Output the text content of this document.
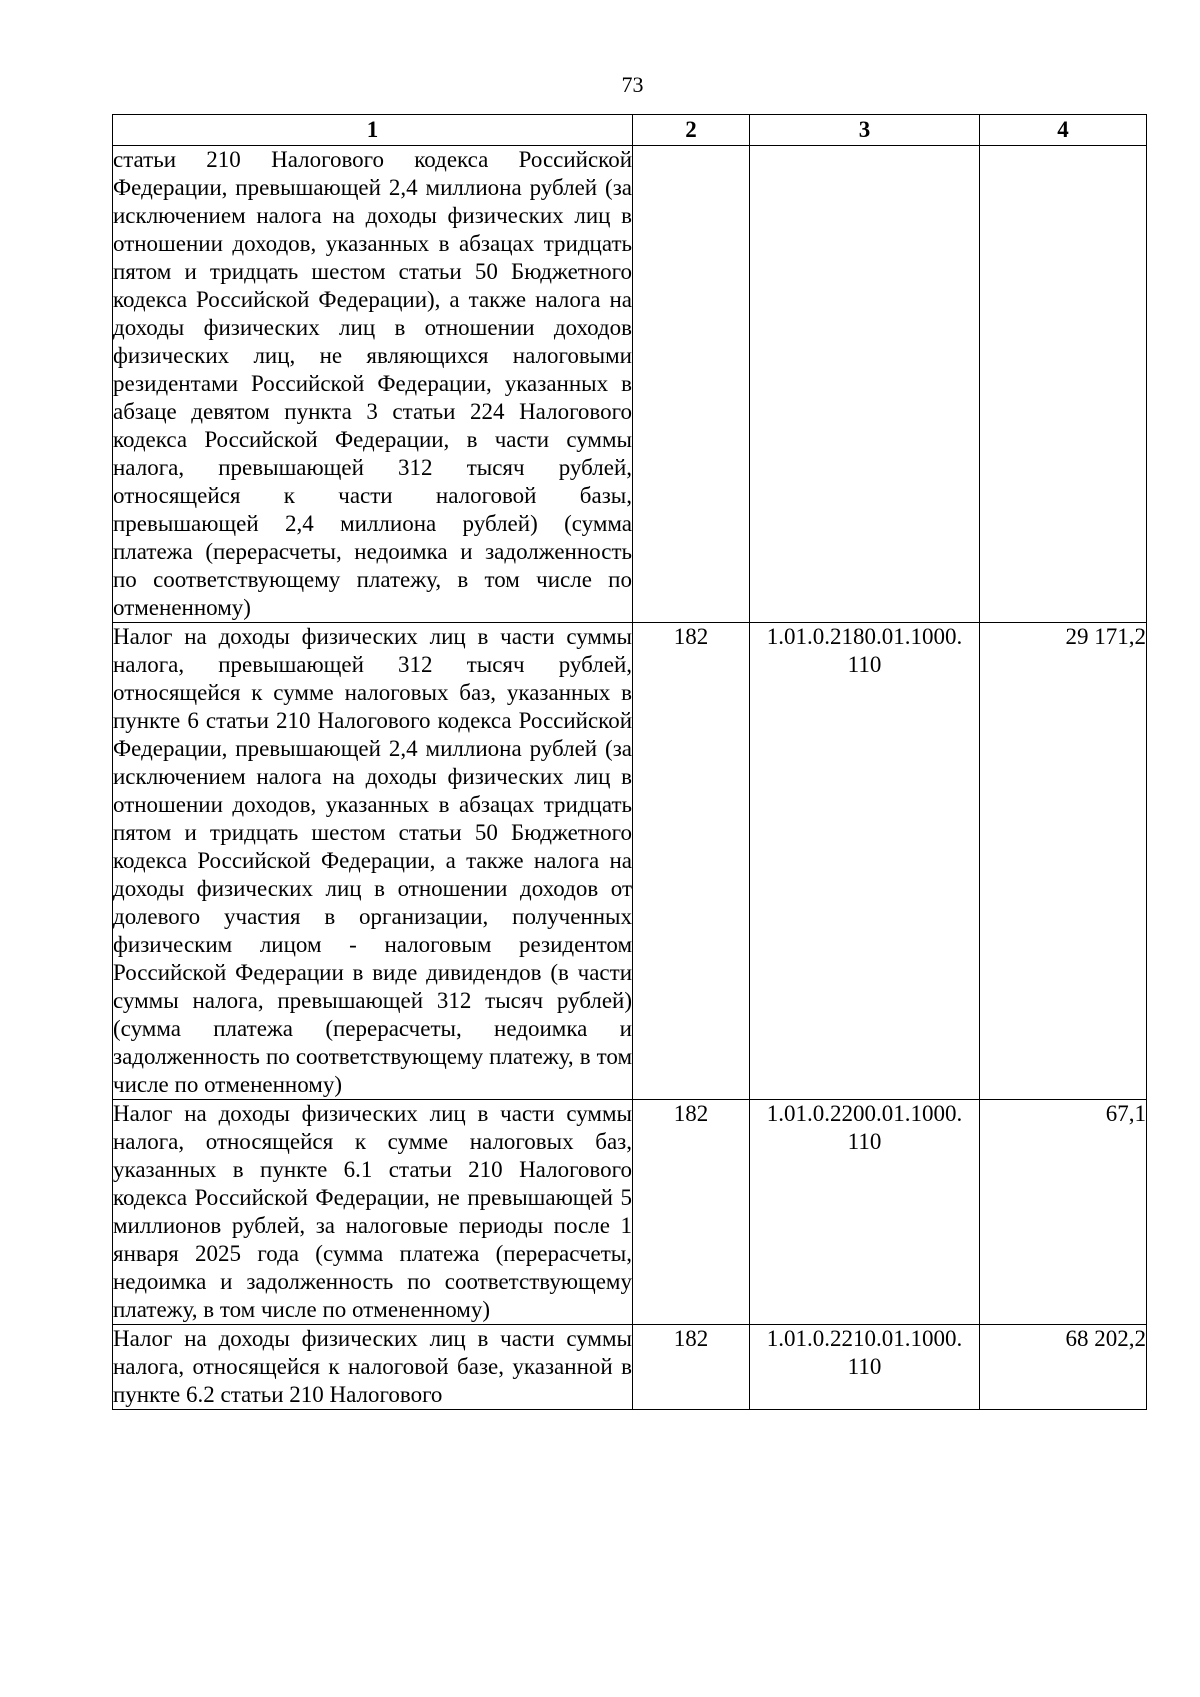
73
1	2	3	4
статьи 210 Налогового кодекса Российской Федерации, превышающей 2,4 миллиона рублей (за исключением налога на доходы физических лиц в отношении доходов, указанных в абзацах тридцать пятом и тридцать шестом статьи 50 Бюджетного кодекса Российской Федерации), а также налога на доходы физических лиц в отношении доходов физических лиц, не являющихся налоговыми резидентами Российской Федерации, указанных в абзаце девятом пункта 3 статьи 224 Налогового кодекса Российской Федерации, в части суммы налога, превышающей 312 тысяч рублей, относящейся к части налоговой базы, превышающей 2,4 миллиона рублей) (сумма платежа (перерасчеты, недоимка и задолженность по соответствующему платежу, в том числе по отмененному)		

Налог на доходы физических лиц в части суммы налога, превышающей 312 тысяч рублей, относящейся к сумме налоговых баз, указанных в пункте 6 статьи 210 Налогового кодекса Российской Федерации, превышающей 2,4 миллиона рублей (за исключением налога на доходы физических лиц в отношении доходов, указанных в абзацах тридцать пятом и тридцать шестом статьи 50 Бюджетного кодекса Российской Федерации, а также налога на доходы физических лиц в отношении доходов от долевого участия в организации, полученных физическим лицом - налоговым резидентом Российской Федерации в виде дивидендов (в части суммы налога, превышающей 312 тысяч рублей) (сумма платежа (перерасчеты, недоимка и задолженность по соответствующему платежу, в том числе по отмененному)	182	1.01.0.2180.01.1000.
110	29 171,2
Налог на доходы физических лиц в части суммы налога, относящейся к сумме налоговых баз, указанных в пункте 6.1 статьи 210 Налогового кодекса Российской Федерации, не превышающей 5 миллионов рублей, за налоговые периоды после 1 января 2025 года (сумма платежа (перерасчеты, недоимка и задолженность по соответствующему платежу, в том числе по отмененному)	182	1.01.0.2200.01.1000.
110	67,1
Налог на доходы физических лиц в части суммы налога, относящейся к налоговой базе, указанной в пункте 6.2 статьи 210 Налогового	182	1.01.0.2210.01.1000.
110	68 202,2
